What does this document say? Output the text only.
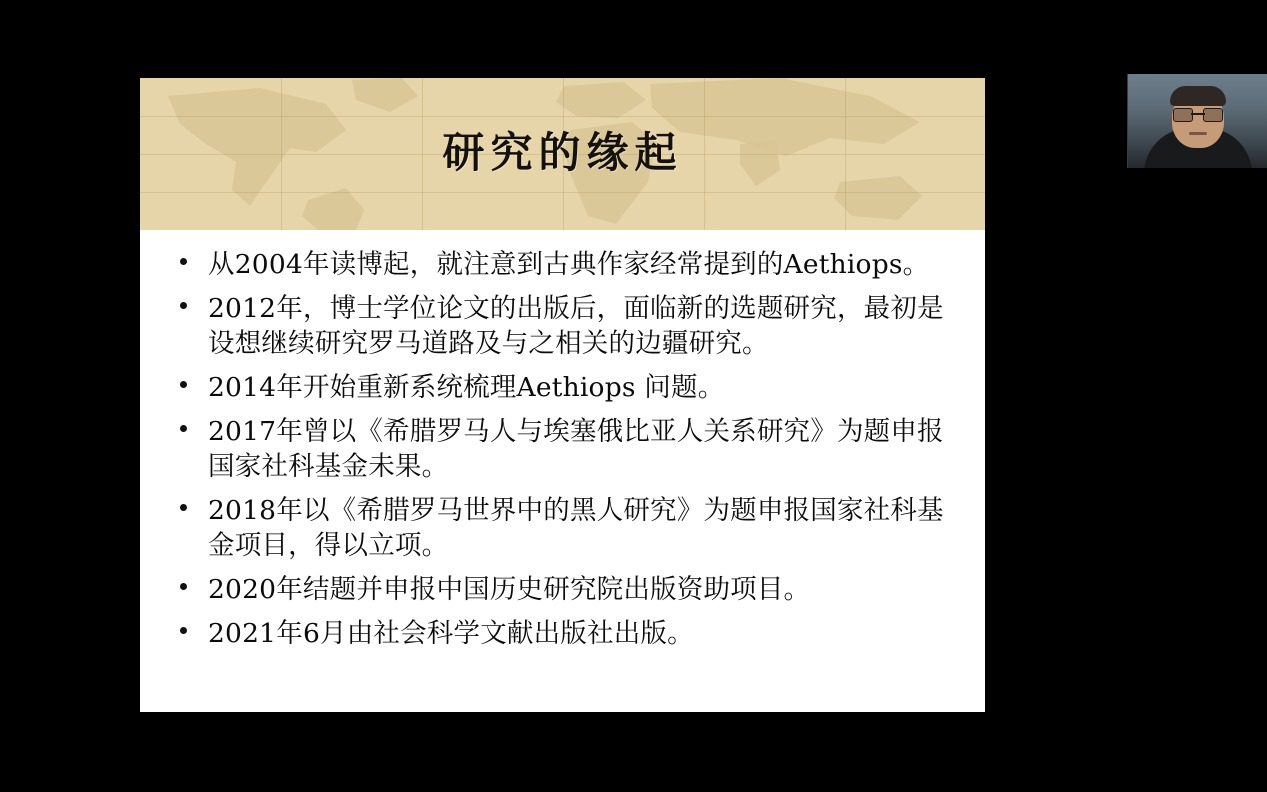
研究的缘起
从2004年读博起，就注意到古典作家经常提到的Aethiops。
2012年，博士学位论文的出版后，面临新的选题研究，最初是设想继续研究罗马道路及与之相关的边疆研究。
2014年开始重新系统梳理Aethiops 问题。
2017年曾以《希腊罗马人与埃塞俄比亚人关系研究》为题申报国家社科基金未果。
2018年以《希腊罗马世界中的黑人研究》为题申报国家社科基金项目，得以立项。
2020年结题并申报中国历史研究院出版资助项目。
2021年6月由社会科学文献出版社出版。
